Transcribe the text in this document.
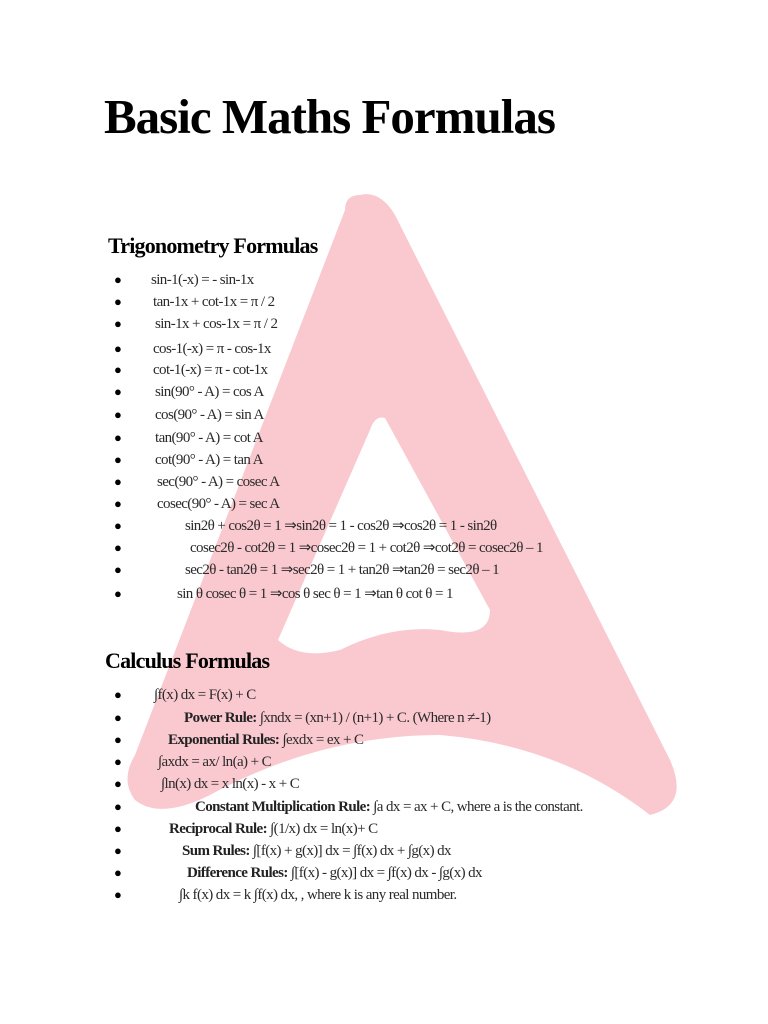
Basic Maths Formulas
Trigonometry Formulas
● sin-1(-x) = - sin-1x
● tan-1x + cot-1x = π / 2
● sin-1x + cos-1x = π / 2
● cos-1(-x) = π - cos-1x
● cot-1(-x) = π - cot-1x
● sin(90° - A) = cos A
● cos(90° - A) = sin A
● tan(90° - A) = cot A
● cot(90° - A) = tan A
● sec(90° - A) = cosec A
● cosec(90° - A) = sec A
●	sin2θ + cos2θ = 1 ⇒sin2θ = 1 - cos2θ ⇒cos2θ = 1 - sin2θ
●	cosec2θ - cot2θ = 1 ⇒cosec2θ = 1 + cot2θ ⇒cot2θ = cosec2θ – 1
●	sec2θ - tan2θ = 1 ⇒sec2θ = 1 + tan2θ ⇒tan2θ = sec2θ – 1
●	sin θ cosec θ = 1 ⇒cos θ sec θ = 1 ⇒tan θ cot θ = 1
Calculus Formulas
● ∫f(x) dx = F(x) + C
●	Power Rule: ∫xndx = (xn+1) / (n+1) + C. (Where n ≠-1)
●	Exponential Rules: ∫exdx = ex + C
● ∫axdx = ax/ ln(a) + C
●	∫ln(x) dx = x ln(x) - x + C
●	Constant Multiplication Rule: ∫a dx = ax + C, where a is the constant.
●	Reciprocal Rule: ∫(1/x) dx = ln(x)+ C
●	Sum Rules: ∫[f(x) + g(x)] dx = ∫f(x) dx + ∫g(x) dx
●	Difference Rules: ∫[f(x) - g(x)] dx = ∫f(x) dx - ∫g(x) dx
●	∫k f(x) dx = k ∫f(x) dx, , where k is any real number.
